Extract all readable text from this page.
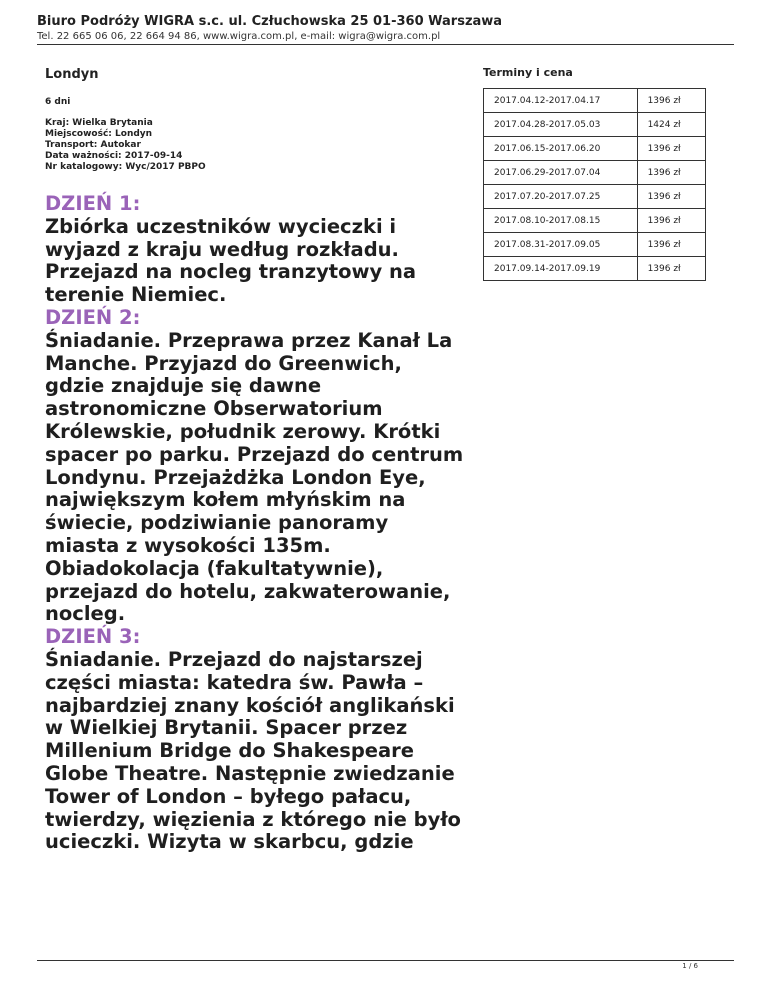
Biuro Podróży WIGRA s.c. ul. Człuchowska 25 01-360 Warszawa
Tel. 22 665 06 06, 22 664 94 86, www.wigra.com.pl, e-mail: wigra@wigra.com.pl
Londyn
6 dni
Kraj: Wielka Brytania
Miejscowość: Londyn
Transport: Autokar
Data ważności: 2017-09-14
Nr katalogowy: Wyc/2017 PBPO
DZIEŃ 1:
Zbiórka uczestników wycieczki i wyjazd z kraju według rozkładu. Przejazd na nocleg tranzytowy na terenie Niemiec.
DZIEŃ 2:
Śniadanie. Przeprawa przez Kanał La Manche. Przyjazd do Greenwich, gdzie znajduje się dawne astronomiczne Obserwatorium Królewskie, południk zerowy. Krótki spacer po parku. Przejazd do centrum Londynu. Przejażdżka London Eye, największym kołem młyńskim na świecie, podziwianie panoramy miasta z wysokości 135m. Obiadokolacja (fakultatywnie), przejazd do hotelu, zakwaterowanie, nocleg.
DZIEŃ 3:
Śniadanie. Przejazd do najstarszej części miasta: katedra św. Pawła – najbardziej znany kościół anglikański w Wielkiej Brytanii. Spacer przez Millenium Bridge do Shakespeare Globe Theatre. Następnie zwiedzanie Tower of London – byłego pałacu, twierdzy, więzienia z którego nie było ucieczki. Wizyta w skarbcu, gdzie
Terminy i cena
2017.04.12-2017.04.17	1396 zł
2017.04.28-2017.05.03	1424 zł
2017.06.15-2017.06.20	1396 zł
2017.06.29-2017.07.04	1396 zł
2017.07.20-2017.07.25	1396 zł
2017.08.10-2017.08.15	1396 zł
2017.08.31-2017.09.05	1396 zł
2017.09.14-2017.09.19	1396 zł
1 / 6
